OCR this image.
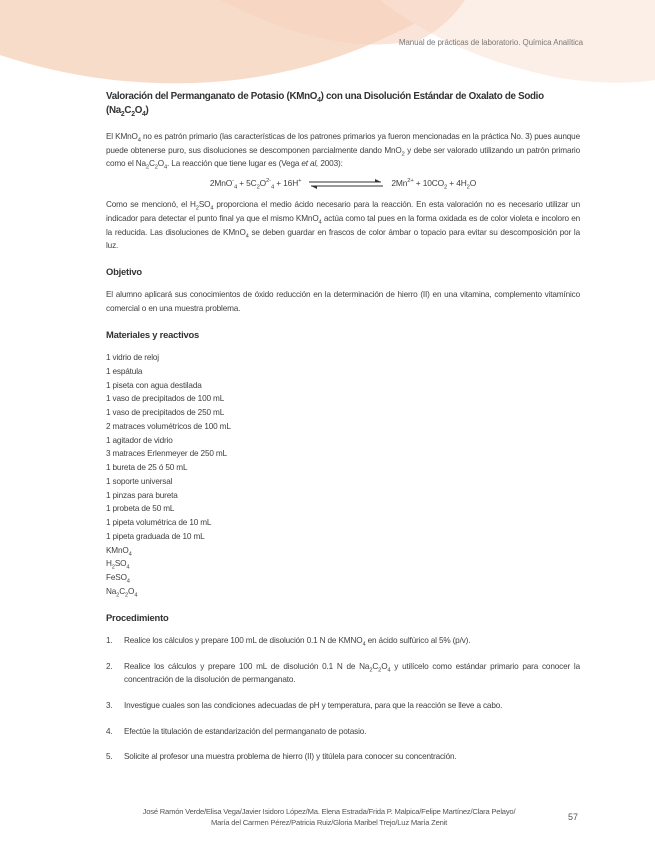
Manual de prácticas de laboratorio. Química Analítica
Valoración del Permanganato de Potasio (KMnO$_4$) con una Disolución Estándar de Oxalato de Sodio $(Na_2C_2O_4)$
El KMnO$_4$ no es patrón primario (las características de los patrones primarios ya fueron mencionadas en la práctica No. 3) pues aunque puede obtenerse puro, sus disoluciones se descomponen parcialmente dando MnO$_2$ y debe ser valorado utilizando un patrón primario como el $Na_2C_2O_4$. La reacción que tiene lugar es (Vega et al, 2003):
$2MnO^-_4 + 5C_2O^{2-}_4 + 16H^+$	$2Mn^{2+} + 10CO_2 + 4H_2O$
Como se mencionó, el $H_2SO_4$ proporciona el medio ácido necesario para la reacción. En esta valoración no es necesario utilizar un indicador para detectar el punto final ya que el mismo KMnO$_4$ actúa como tal pues en la forma oxidada es de color violeta e incoloro en la reducida. Las disoluciones de KMnO$_4$ se deben guardar en frascos de color ámbar o topacio para evitar su descomposición por la luz.
Objetivo
El alumno aplicará sus conocimientos de óxido reducción en la determinación de hierro (II) en una vitamina, complemento vitamínico comercial o en una muestra problema.
Materiales y reactivos
1 vidrio de reloj
1 espátula
1 piseta con agua destilada
1 vaso de precipitados de 100 mL
1 vaso de precipitados de 250 mL
2 matraces volumétricos de 100 mL
1 agitador de vidrio
3 matraces Erlenmeyer de 250 mL
1 bureta de 25 ó 50 mL
1 soporte universal
1 pinzas para bureta
1 probeta de 50 mL
1 pipeta volumétrica de 10 mL
1 pipeta graduada de 10 mL
KMnO$_4$
$H_2SO_4$
FeSO$_4$
$Na_2C_2O_4$
Procedimiento
1.	Realice los cálculos y prepare 100 mL de disolución 0.1 N de $KMNO_4$ en ácido sulfúrico al 5% (p/v).
2.	Realice los cálculos y prepare 100 mL de disolución 0.1 N de $Na_2C_2O_4$ y utilícelo como estándar primario para conocer la concentración de la disolución de permanganato.
3.	Investigue cuales son las condiciones adecuadas de pH y temperatura, para que la reacción se lleve a cabo.
4.	Efectúe la titulación de estandarización del permanganato de potasio.
5.	Solicite al profesor una muestra problema de hierro (II) y titúlela para conocer su concentración.
José Ramón Verde/Elisa Vega/Javier Isidoro López/Ma. Elena Estrada/Frida P. Malpica/Felipe Martínez/Clara Pelayo/
María del Carmen Pérez/Patricia Ruiz/Gloria Maribel Trejo/Luz María Zenit
57
